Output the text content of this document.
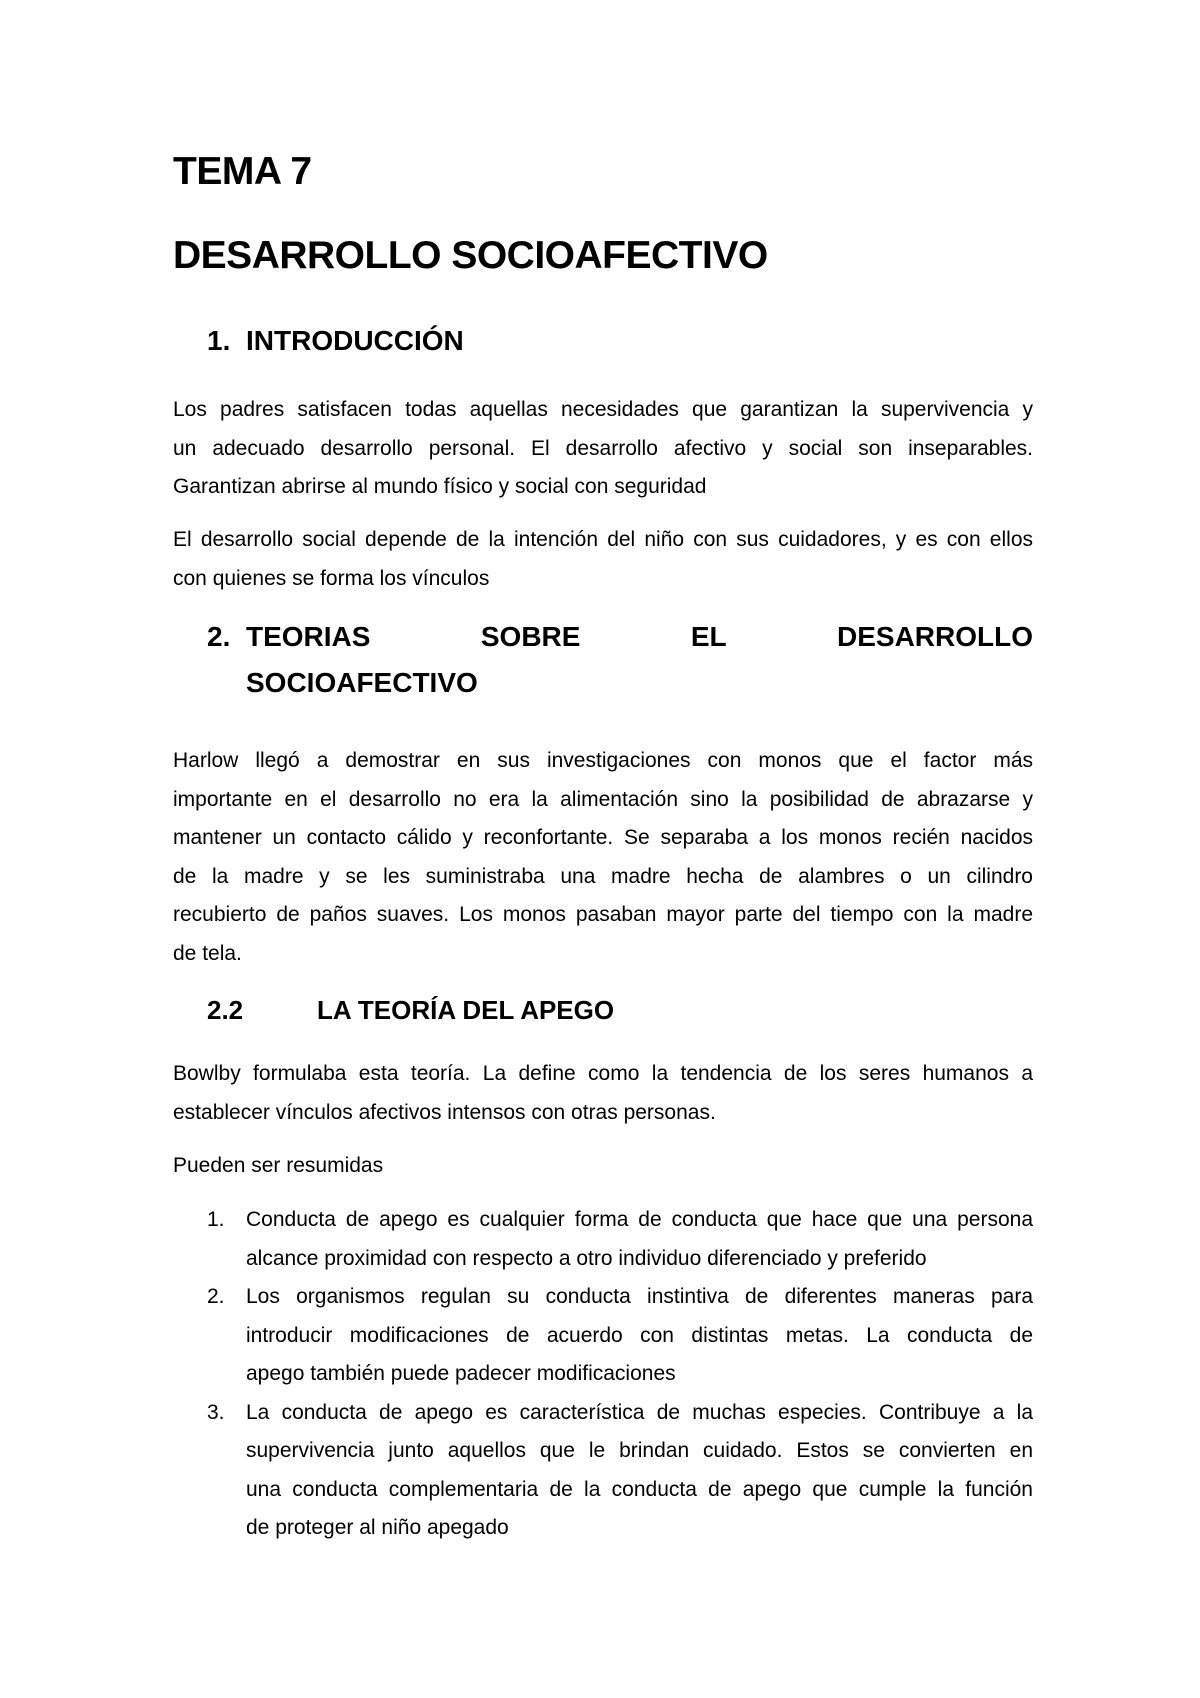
TEMA 7
DESARROLLO SOCIOAFECTIVO
1. INTRODUCCIÓN
Los padres satisfacen todas aquellas necesidades que garantizan la supervivencia y
un adecuado desarrollo personal. El desarrollo afectivo y social son inseparables.
Garantizan abrirse al mundo físico y social con seguridad
El desarrollo social depende de la intención del niño con sus cuidadores, y es con ellos
con quienes se forma los vínculos
2. TEORIAS	SOBRE	EL	DESARROLLO
SOCIOAFECTIVO
Harlow llegó a demostrar en sus investigaciones con monos que el factor más
importante en el desarrollo no era la alimentación sino la posibilidad de abrazarse y
mantener un contacto cálido y reconfortante. Se separaba a los monos recién nacidos
de la madre y se les suministraba una madre hecha de alambres o un cilindro
recubierto de paños suaves. Los monos pasaban mayor parte del tiempo con la madre
de tela.
2.2	LA TEORÍA DEL APEGO
Bowlby formulaba esta teoría. La define como la tendencia de los seres humanos a
establecer vínculos afectivos intensos con otras personas.
Pueden ser resumidas
1. Conducta de apego es cualquier forma de conducta que hace que una persona
alcance proximidad con respecto a otro individuo diferenciado y preferido
2. Los organismos regulan su conducta instintiva de diferentes maneras para
introducir modificaciones de acuerdo con distintas metas. La conducta de
apego también puede padecer modificaciones
3. La conducta de apego es característica de muchas especies. Contribuye a la
supervivencia junto aquellos que le brindan cuidado. Estos se convierten en
una conducta complementaria de la conducta de apego que cumple la función
de proteger al niño apegado
